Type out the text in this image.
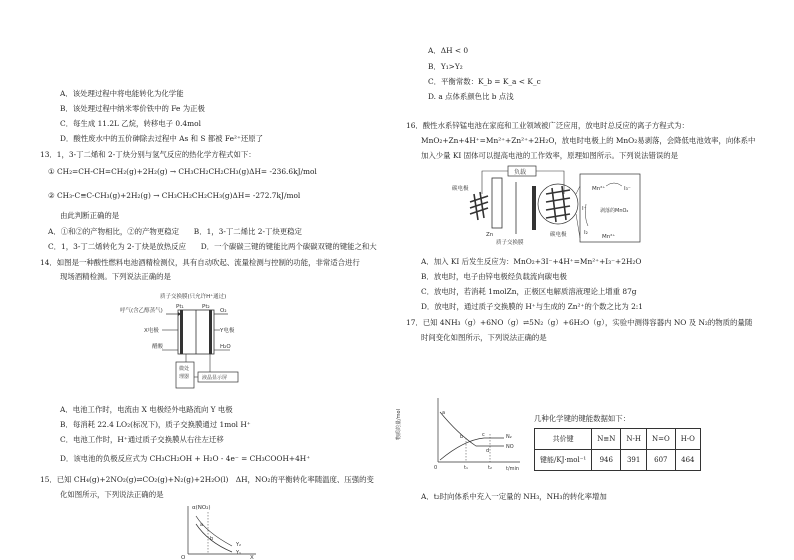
A．该处理过程中将电能转化为化学能
B．该处理过程中纳米零价铁中的 Fe 为正极
C．每生成 11.2L 乙烷，转移电子 0.4mol
D．酸性废水中的五价砷除去过程中 As 和 S 都被 Fe²⁺还原了
13．1，3-丁二烯和 2-丁炔分别与氢气反应的热化学方程式如下：
① CH₂=CH-CH=CH₂(g)+2H₂(g) → CH₃CH₂CH₂CH₃(g)ΔH= -236.6kJ/mol
② CH₃-C≡C-CH₃(g)+2H₂(g) → CH₃CH₂CH₂CH₃(g)ΔH= -272.7kJ/mol
由此判断正确的是
A．①和②的产物相比，②的产物更稳定　　B．1，3-丁二烯比 2-丁炔更稳定
C．1，3-丁二烯转化为 2-丁炔是放热反应　　D．一个碳碳三键的键能比两个碳碳双键的键能之和大
14．如图是一种酸性燃料电池酒精检测仪，具有自动吹起、流量检测与控制的功能，非常适合进行
现场酒精检测。下列说法正确的是
质子交换膜(只允许H⁺通过)
Pt₁	Pt₂
呼气(含乙醇蒸气)	O₂
X电极	Y电极
醋酸	H₂O
微处
理器	液晶显示屏
A．电池工作时，电流由 X 电极经外电路流向 Y 电极
B．每消耗 22.4 LO₂(标况下)，质子交换膜通过 1mol H⁺
C．电池工作时，H⁺通过质子交换膜从右往左迁移
D．该电池的负极反应式为 CH₃CH₂OH + H₂O - 4e⁻ = CH₃COOH+4H⁺
15．已知 CH₄(g)+2NO₂(g)⇌CO₂(g)+N₂(g)+2H₂O(l)　ΔH，NO₂的平衡转化率随温度、压强的变
化如图所示，下列说法正确的是
α(NO₂)
O	X
a
b
Y₂
Y₁
A．ΔH < 0
B．Y₁>Y₂
C．平衡常数：K_b = K_a < K_c
D. a 点体系颜色比 b 点浅
16．酸性水系锌锰电池在家庭和工业领域被广泛应用，放电时总反应的离子方程式为：
MnO₂+Zn+4H⁺=Mn²⁺+Zn²⁺+2H₂O，放电时电极上的 MnO₂易剥落，会降低电池效率，向体系中
加入少量 KI 固体可以提高电池的工作效率，原理如图所示。下列说法错误的是
负载
碳电极
Zn
质子交换膜
碳电极
Mn²⁺	I₃⁻
I⁻	剥落的MnO₂
I₂
Mn²⁺
A．加入 KI 后发生反应为：MnO₂+3I⁻+4H⁺=Mn²⁺+I₃⁻+2H₂O
B．放电时，电子由锌电极经负载流向碳电极
C．放电时，若消耗 1molZn，正极区电解质溶液理论上增重 87g
D．放电时，通过质子交换膜的 H⁺与生成的 Zn²⁺的个数之比为 2:1
17．已知 4NH₃（g）+6NO（g）⇌5N₂（g）+6H₂O（g），实验中测得容器内 NO 及 N₂的物质的量随
时间变化如图所示，下列说法正确的是
物质的量/mol
0	t/min
a
b	c
d
N₂
NO
t₁	t₂
几种化学键的键能数据如下：
共价键	N≡N	N-H	N=O	H-O
键能/KJ·mol⁻¹	946	391	607	464
A．t₂时向体系中充入一定量的 NH₃，NH₃的转化率增加
